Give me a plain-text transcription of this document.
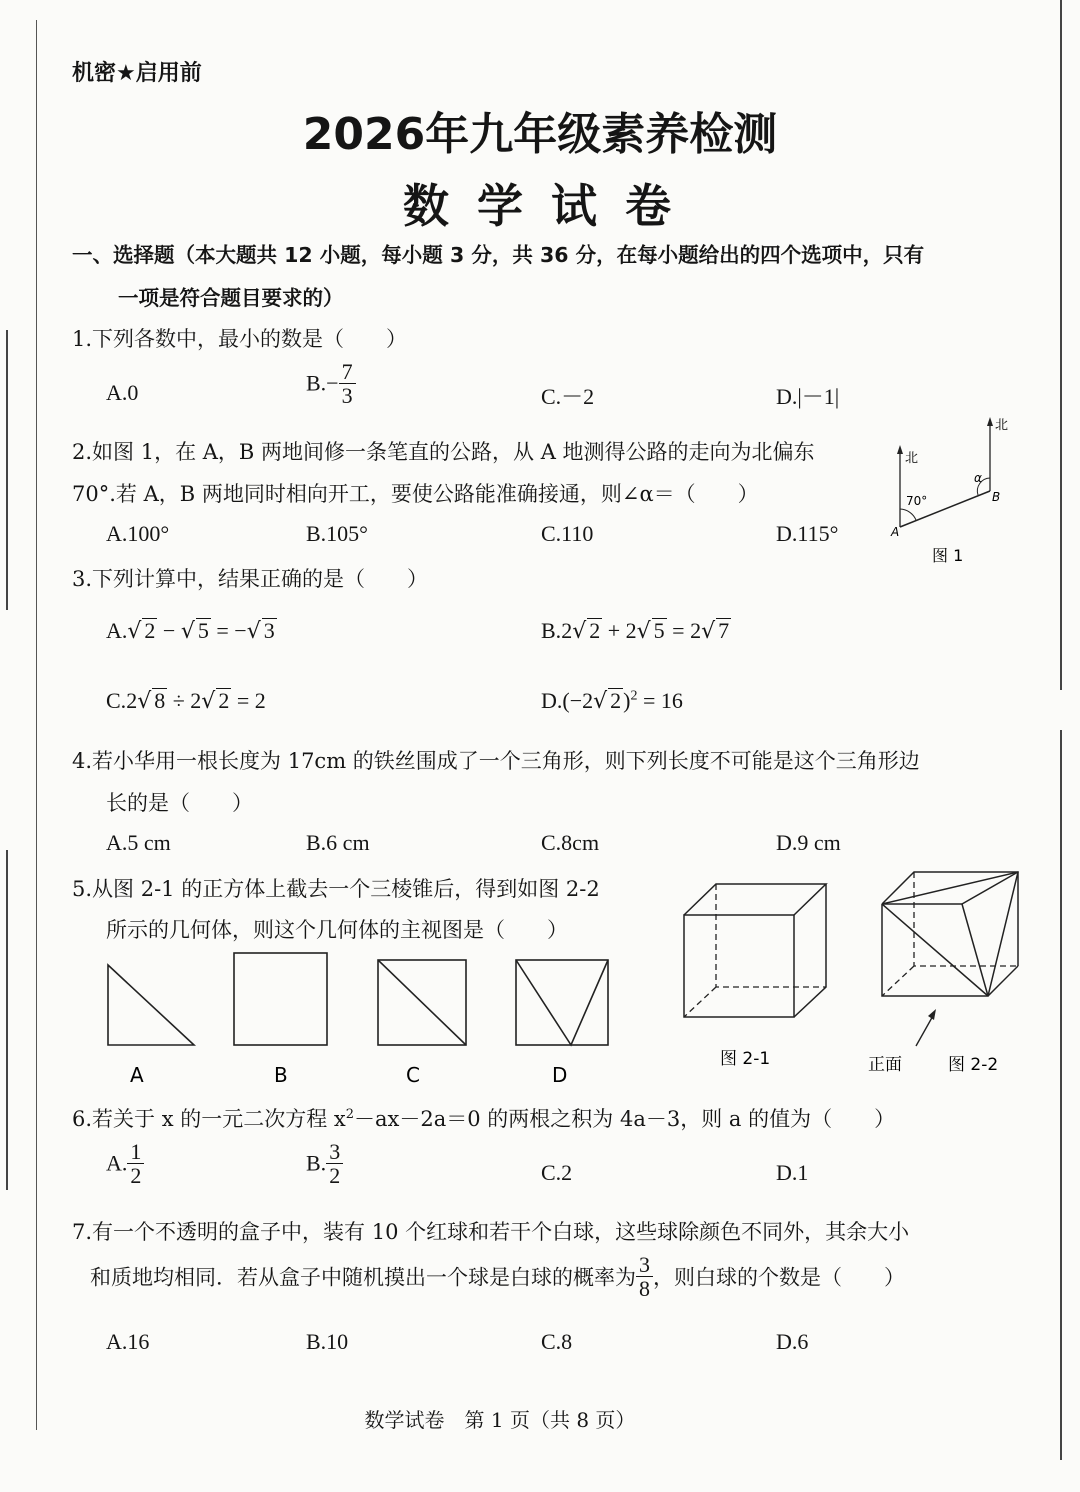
机密★启用前
2026年九年级素养检测
数 学 试 卷
一、选择题（本大题共 12 小题，每小题 3 分，共 36 分，在每小题给出的四个选项中，只有
一项是符合题目要求的）
1.下列各数中，最小的数是（　　）
A.0	$B.- \frac{7}{3}$	C.－2	D.|－1|
2.如图 1，在 A，B 两地间修一条笔直的公路，从 A 地测得公路的走向为北偏东
70°.若 A，B 两地同时相向开工，要使公路能准确接通，则∠α＝（　　）
A.100°	B.105°	C.110	D.115°
北
北
70°
α
A
B
图 1
3.下列计算中，结果正确的是（　　）
A.√ 2 − √ 5 = −√ 3	B.2√ 2 + 2√ 5 = 2√ 7
C.2√ 8 ÷ 2√ 2 = 2	D.(−2√ 2)$^2$ = 16
4.若小华用一根长度为 17cm 的铁丝围成了一个三角形，则下列长度不可能是这个三角形边
长的是（　　）
A.5 cm	B.6 cm	C.8cm	D.9 cm
5.从图 2-1 的正方体上截去一个三棱锥后，得到如图 2-2
所示的几何体，则这个几何体的主视图是（　　）
A	B	C	D
图 2-1	正面	图 2-2
6.若关于 x 的一元二次方程 $x^2-ax-2a=0$ 的两根之积为 4a－3，则 a 的值为（　　）
A. $\frac{1}{2}$	B. $\frac{3}{2}$	C.2	D.1
7.有一个不透明的盒子中，装有 10 个红球和若干个白球，这些球除颜色不同外，其余大小
和质地均相同．若从盒子中随机摸出一个球是白球的概率为 $\frac{3}{8}$ ，则白球的个数是（　　）
A.16	B.10	C.8	D.6
数学试卷　第 1 页（共 8 页）
